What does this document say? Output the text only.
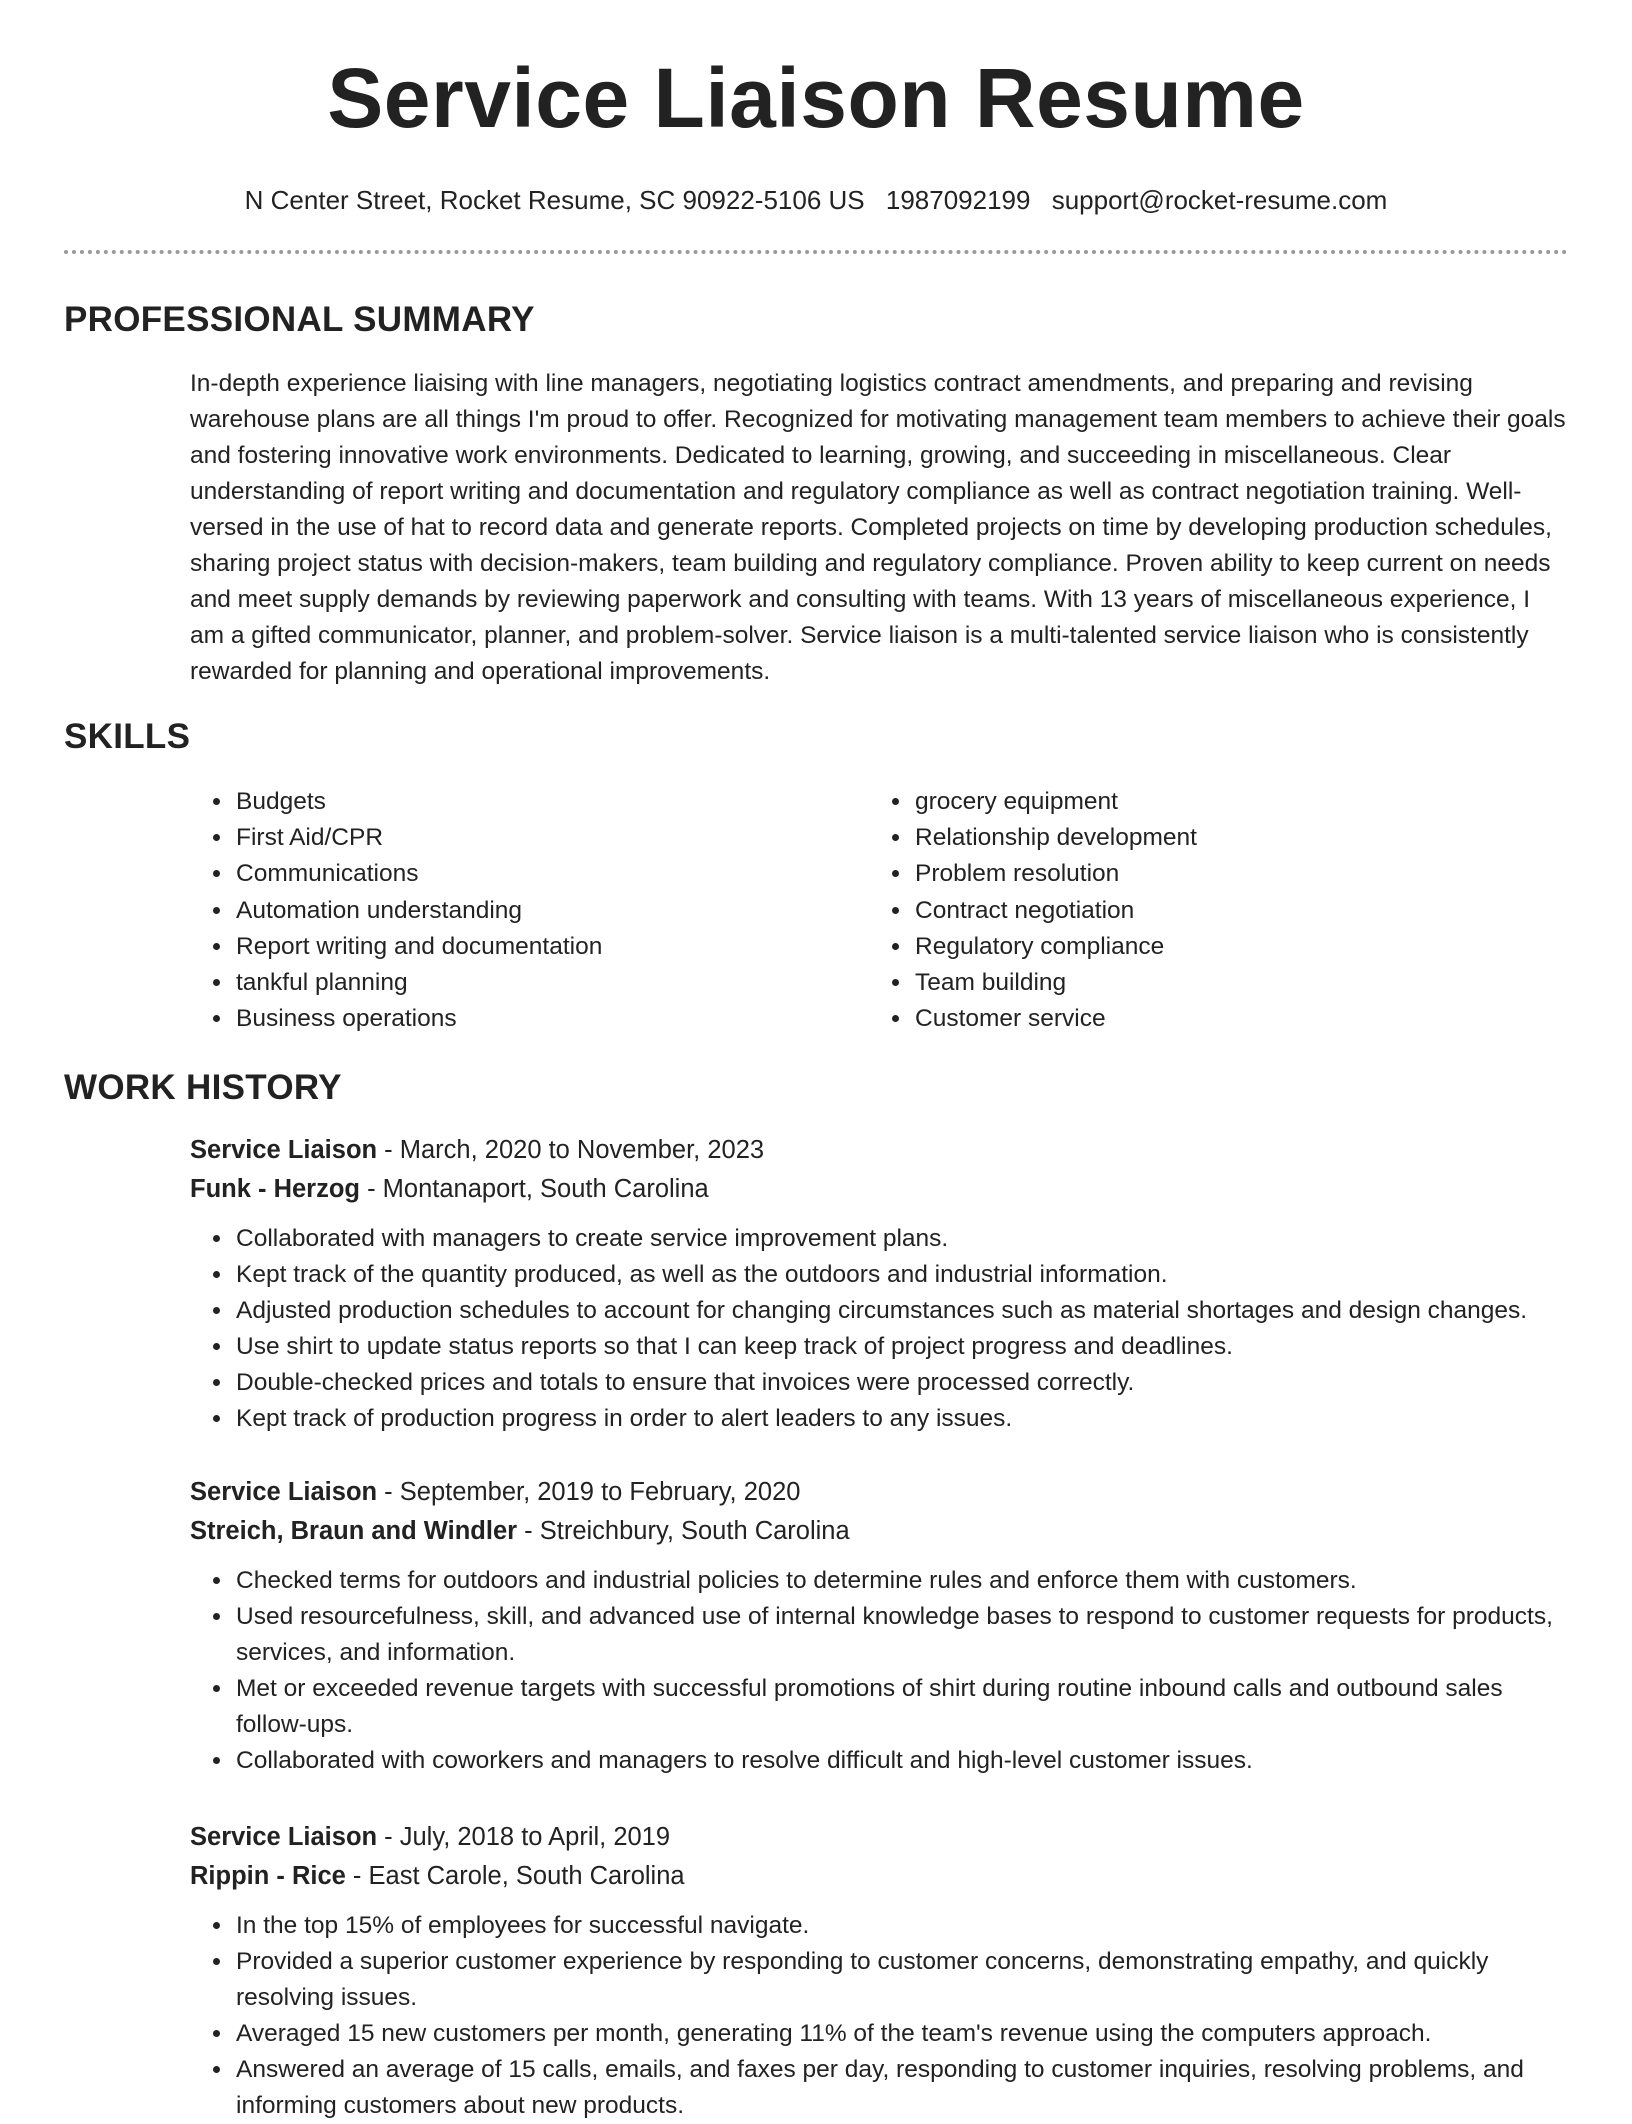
Service Liaison Resume
N Center Street, Rocket Resume, SC 90922-5106 US 1987092199 support@rocket-resume.com
PROFESSIONAL SUMMARY

In-depth experience liaising with line managers, negotiating logistics contract amendments, and preparing and revising warehouse plans are all things I'm proud to offer. Recognized for motivating management team members to achieve their goals and fostering innovative work environments. Dedicated to learning, growing, and succeeding in miscellaneous. Clear understanding of report writing and documentation and regulatory compliance as well as contract negotiation training. Well-versed in the use of hat to record data and generate reports. Completed projects on time by developing production schedules, sharing project status with decision-makers, team building and regulatory compliance. Proven ability to keep current on needs and meet supply demands by reviewing paperwork and consulting with teams. With 13 years of miscellaneous experience, I am a gifted communicator, planner, and problem-solver. Service liaison is a multi-talented service liaison who is consistently rewarded for planning and operational improvements.

SKILLS
• Budgets
• First Aid/CPR
• Communications
• Automation understanding
• Report writing and documentation
• tankful planning
• Business operations
• grocery equipment
• Relationship development
• Problem resolution
• Contract negotiation
• Regulatory compliance
• Team building
• Customer service
WORK HISTORY
Service Liaison - March, 2020 to November, 2023
Funk - Herzog - Montanaport, South Carolina
• Collaborated with managers to create service improvement plans.
• Kept track of the quantity produced, as well as the outdoors and industrial information.
• Adjusted production schedules to account for changing circumstances such as material shortages and design changes.
• Use shirt to update status reports so that I can keep track of project progress and deadlines.
• Double-checked prices and totals to ensure that invoices were processed correctly.
• Kept track of production progress in order to alert leaders to any issues.
Service Liaison - September, 2019 to February, 2020
Streich, Braun and Windler - Streichbury, South Carolina
• Checked terms for outdoors and industrial policies to determine rules and enforce them with customers.
• Used resourcefulness, skill, and advanced use of internal knowledge bases to respond to customer requests for products, services, and information.
• Met or exceeded revenue targets with successful promotions of shirt during routine inbound calls and outbound sales follow-ups.
• Collaborated with coworkers and managers to resolve difficult and high-level customer issues.
Service Liaison - July, 2018 to April, 2019
Rippin - Rice - East Carole, South Carolina
• In the top 15% of employees for successful navigate.
• Provided a superior customer experience by responding to customer concerns, demonstrating empathy, and quickly resolving issues.
• Averaged 15 new customers per month, generating 11% of the team's revenue using the computers approach.
• Answered an average of 15 calls, emails, and faxes per day, responding to customer inquiries, resolving problems, and informing customers about new products.
